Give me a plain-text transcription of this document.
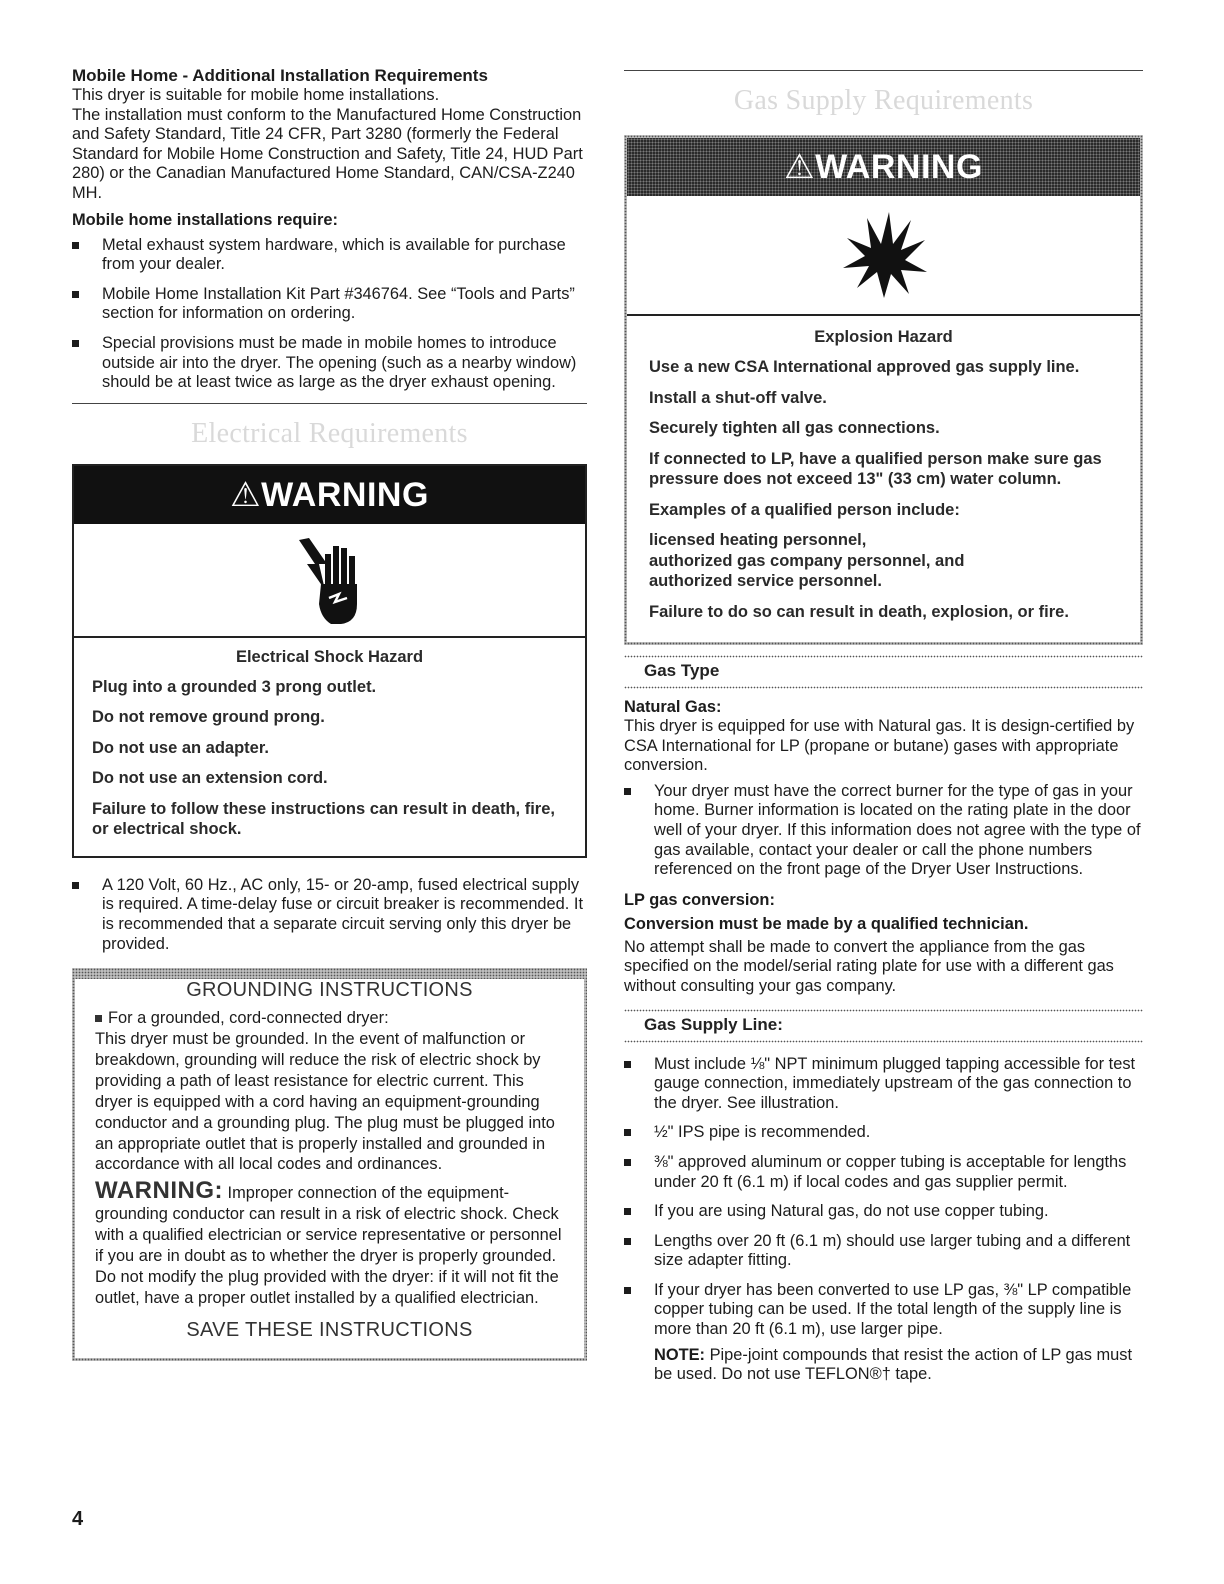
Mobile Home - Additional Installation Requirements

This dryer is suitable for mobile home installations.

The installation must conform to the Manufactured Home Construction and Safety Standard, Title 24 CFR, Part 3280 (formerly the Federal Standard for Mobile Home Construction and Safety, Title 24, HUD Part 280) or the Canadian Manufactured Home Standard, CAN/CSA-Z240 MH.

Mobile home installations require:

Metal exhaust system hardware, which is available for purchase from your dealer.
Mobile Home Installation Kit Part #346764. See “Tools and Parts” section for information on ordering.
Special provisions must be made in mobile homes to introduce outside air into the dryer. The opening (such as a nearby window) should be at least twice as large as the dryer exhaust opening.
Electrical Requirements
⚠WARNING

Electrical Shock Hazard

Plug into a grounded 3 prong outlet.

Do not remove ground prong.

Do not use an adapter.

Do not use an extension cord.

Failure to follow these instructions can result in death, fire, or electrical shock.

A 120 Volt, 60 Hz., AC only, 15- or 20-amp, fused electrical supply is required. A time-delay fuse or circuit breaker is recommended. It is recommended that a separate circuit serving only this dryer be provided.
GROUNDING INSTRUCTIONS

For a grounded, cord-connected dryer:

This dryer must be grounded. In the event of malfunction or breakdown, grounding will reduce the risk of electric shock by providing a path of least resistance for electric current. This dryer is equipped with a cord having an equipment-grounding conductor and a grounding plug. The plug must be plugged into an appropriate outlet that is properly installed and grounded in accordance with all local codes and ordinances.

WARNING: Improper connection of the equipment-grounding conductor can result in a risk of electric shock. Check with a qualified electrician or service representative or personnel if you are in doubt as to whether the dryer is properly grounded. Do not modify the plug provided with the dryer: if it will not fit the outlet, have a proper outlet installed by a qualified electrician.

SAVE THESE INSTRUCTIONS
Gas Supply Requirements
⚠WARNING

Explosion Hazard

Use a new CSA International approved gas supply line.

Install a shut-off valve.

Securely tighten all gas connections.

If connected to LP, have a qualified person make sure gas pressure does not exceed 13" (33 cm) water column.

Examples of a qualified person include:

licensed heating personnel,
authorized gas company personnel, and
authorized service personnel.

Failure to do so can result in death, explosion, or fire.

Gas Type

Natural Gas:

This dryer is equipped for use with Natural gas. It is design-certified by CSA International for LP (propane or butane) gases with appropriate conversion.

Your dryer must have the correct burner for the type of gas in your home. Burner information is located on the rating plate in the door well of your dryer. If this information does not agree with the type of gas available, contact your dealer or call the phone numbers referenced on the front page of the Dryer User Instructions.

LP gas conversion:

Conversion must be made by a qualified technician.

No attempt shall be made to convert the appliance from the gas specified on the model/serial rating plate for use with a different gas without consulting your gas company.

Gas Supply Line:
Must include ⅛" NPT minimum plugged tapping accessible for test gauge connection, immediately upstream of the gas connection to the dryer. See illustration.
½" IPS pipe is recommended.
⅜" approved aluminum or copper tubing is acceptable for lengths under 20 ft (6.1 m) if local codes and gas supplier permit.
If you are using Natural gas, do not use copper tubing.
Lengths over 20 ft (6.1 m) should use larger tubing and a different size adapter fitting.
If your dryer has been converted to use LP gas, ⅜" LP compatible copper tubing can be used. If the total length of the supply line is more than 20 ft (6.1 m), use larger pipe.

NOTE: Pipe-joint compounds that resist the action of LP gas must be used. Do not use TEFLON®† tape.

4
